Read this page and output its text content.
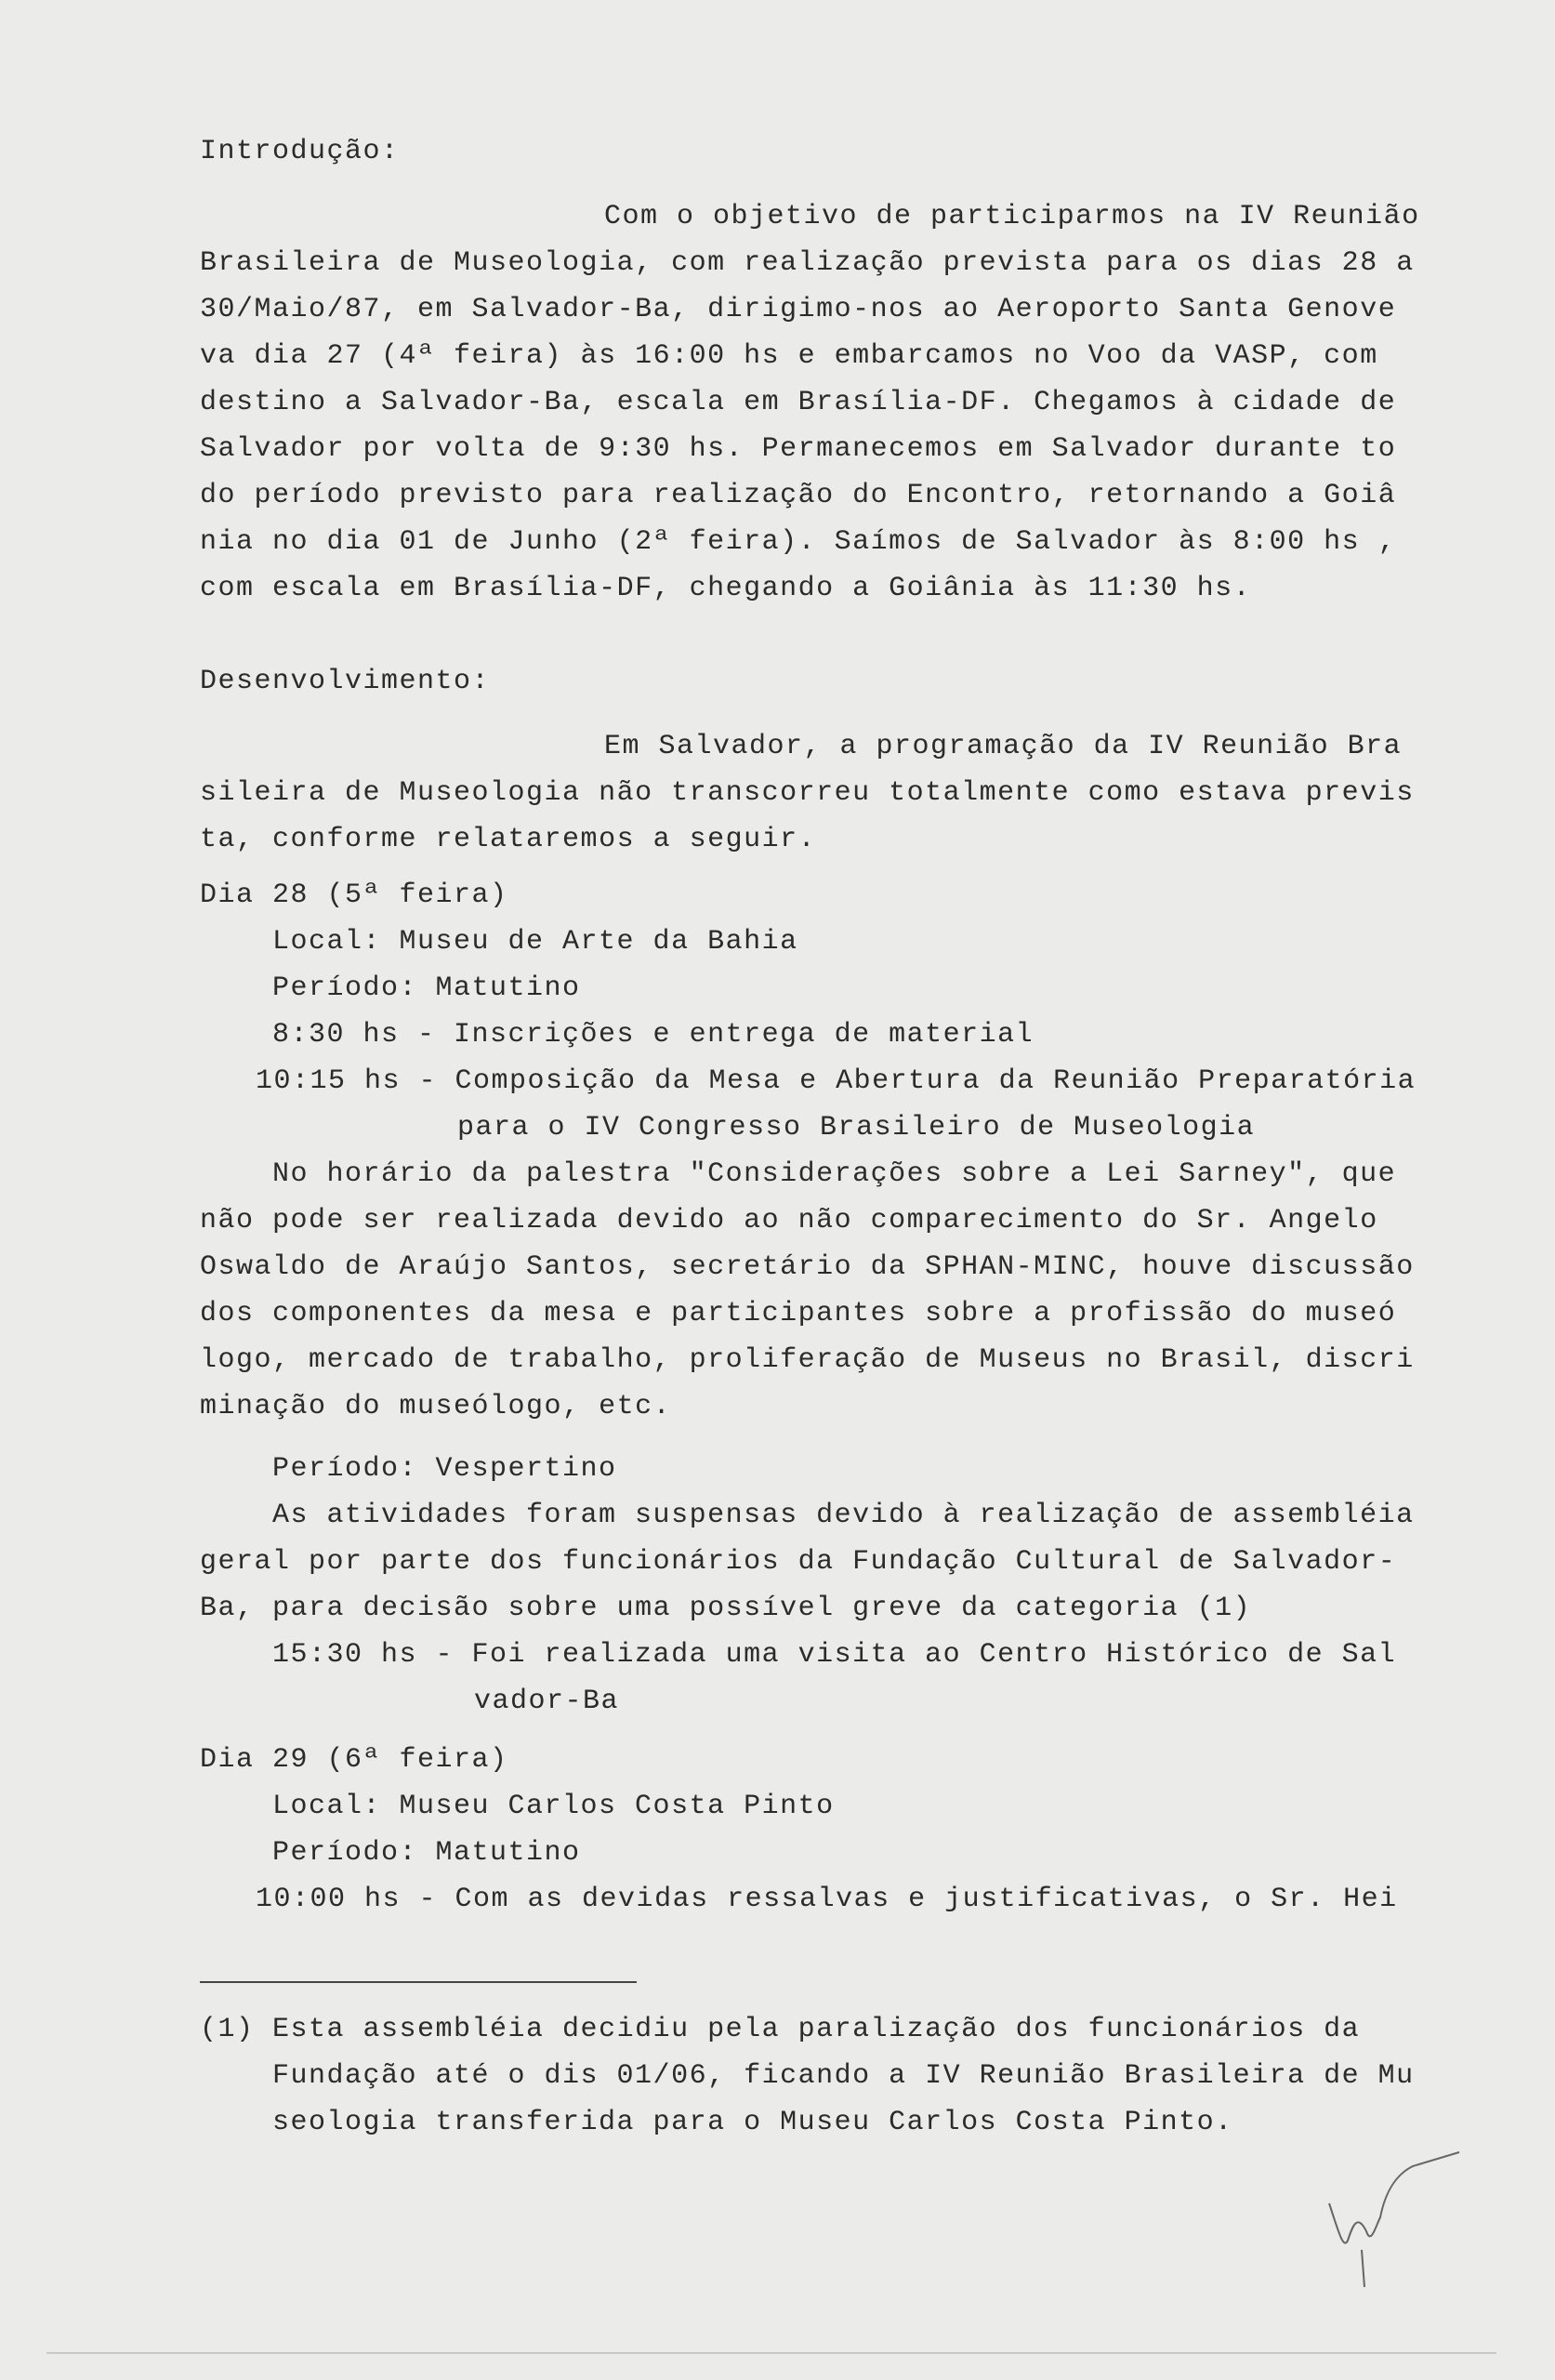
Introdução:
Com o objetivo de participarmos na IV Reunião
Brasileira de Museologia, com realização prevista para os dias 28 a
30/Maio/87, em Salvador-Ba, dirigimo-nos ao Aeroporto Santa Genove
va dia 27 (4ª feira) às 16:00 hs e embarcamos no Voo da VASP, com
destino a Salvador-Ba, escala em Brasília-DF. Chegamos à cidade de
Salvador por volta de 9:30 hs. Permanecemos em Salvador durante to
do período previsto para realização do Encontro, retornando a Goiâ
nia no dia 01 de Junho (2ª feira). Saímos de Salvador às 8:00 hs ,
com escala em Brasília-DF, chegando a Goiânia às 11:30 hs.
Desenvolvimento:
Em Salvador, a programação da IV Reunião Bra
sileira de Museologia não transcorreu totalmente como estava previs
ta, conforme relataremos a seguir.
Dia 28 (5ª feira)
Local: Museu de Arte da Bahia
Período: Matutino
8:30 hs - Inscrições e entrega de material
10:15 hs - Composição da Mesa e Abertura da Reunião Preparatória
para o IV Congresso Brasileiro de Museologia
No horário da palestra "Considerações sobre a Lei Sarney", que
não pode ser realizada devido ao não comparecimento do Sr. Angelo
Oswaldo de Araújo Santos, secretário da SPHAN-MINC, houve discussão
dos componentes da mesa e participantes sobre a profissão do museó
logo, mercado de trabalho, proliferação de Museus no Brasil, discri
minação do museólogo, etc.
Período: Vespertino
As atividades foram suspensas devido à realização de assembléia
geral por parte dos funcionários da Fundação Cultural de Salvador-
Ba, para decisão sobre uma possível greve da categoria (1)
15:30 hs - Foi realizada uma visita ao Centro Histórico de Sal
vador-Ba
Dia 29 (6ª feira)
Local: Museu Carlos Costa Pinto
Período: Matutino
10:00 hs - Com as devidas ressalvas e justificativas, o Sr. Hei
(1) Esta assembléia decidiu pela paralização dos funcionários da
Fundação até o dis 01/06, ficando a IV Reunião Brasileira de Mu
seologia transferida para o Museu Carlos Costa Pinto.
